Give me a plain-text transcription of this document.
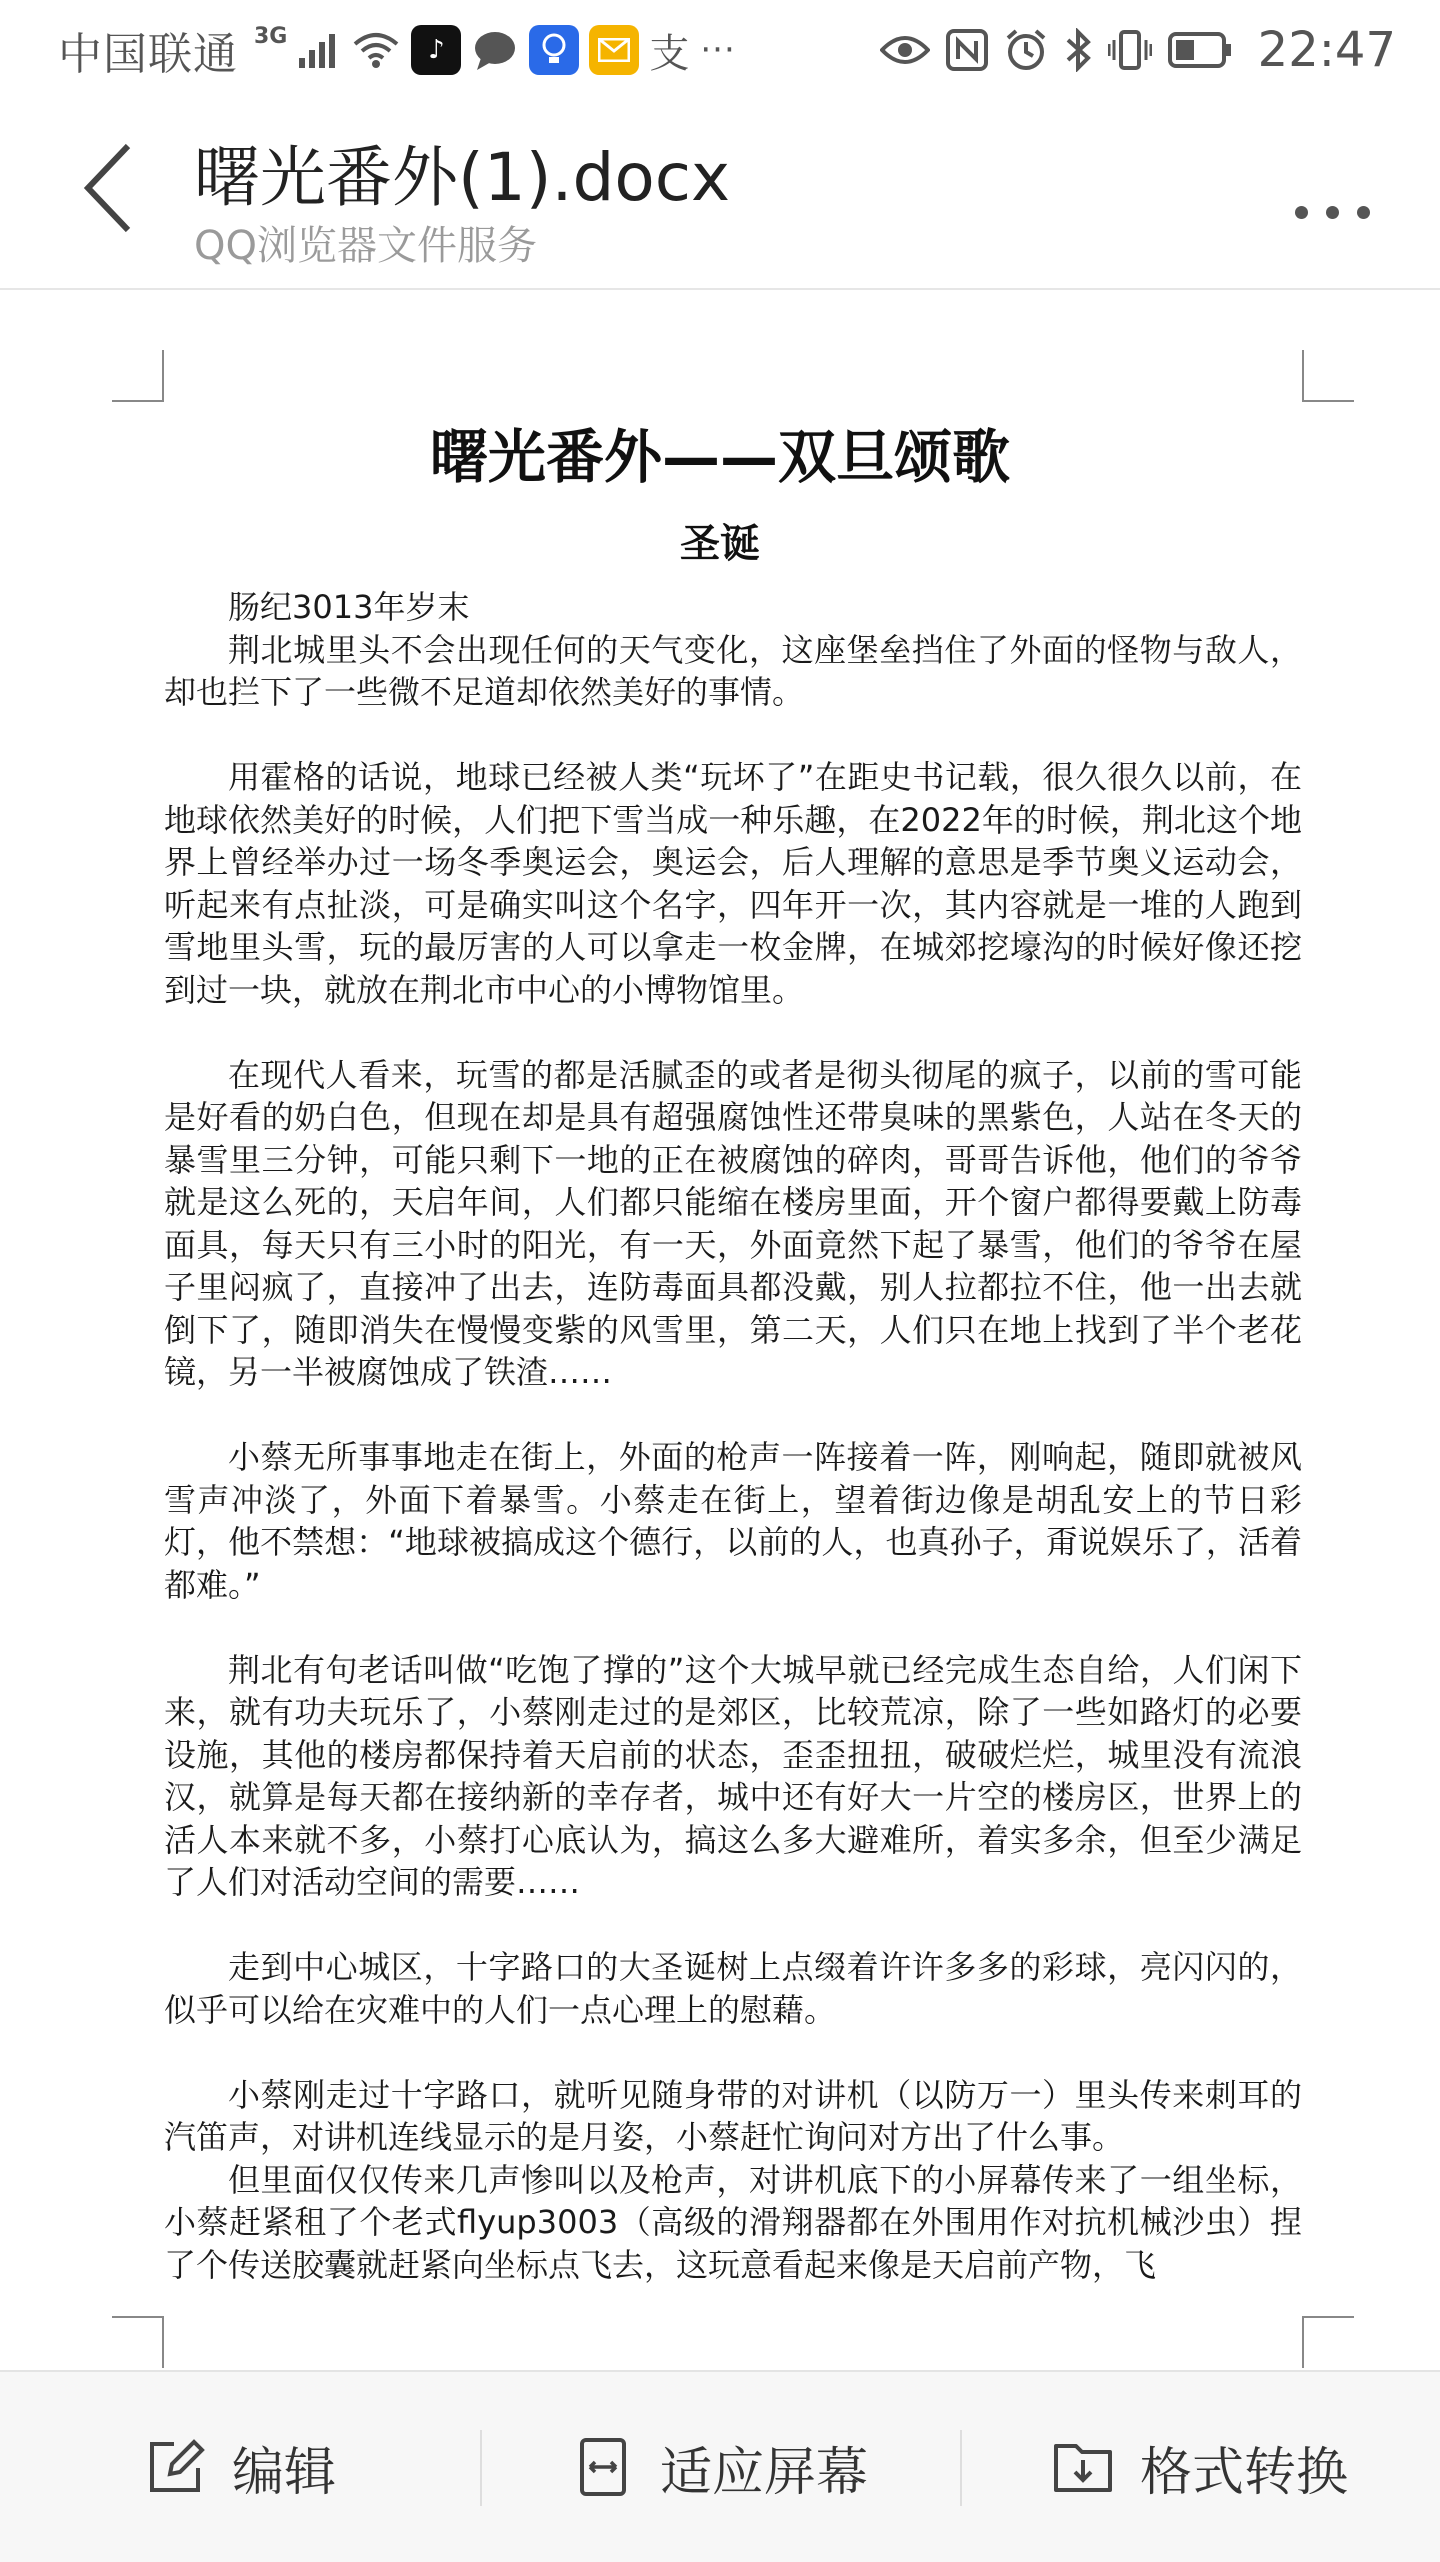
中国联通 3G	♪	支 ···	22:47
曙光番外(1).docx
QQ浏览器文件服务
曙光番外——双旦颂歌
圣诞

肠纪3013年岁末

荆北城里头不会出现任何的天气变化，这座堡垒挡住了外面的怪物与敌人，却也拦下了一些微不足道却依然美好的事情。

用霍格的话说，地球已经被人类“玩坏了”在距史书记载，很久很久以前，在地球依然美好的时候，人们把下雪当成一种乐趣，在2022年的时候，荆北这个地界上曾经举办过一场冬季奥运会，奥运会，后人理解的意思是季节奥义运动会，听起来有点扯淡，可是确实叫这个名字，四年开一次，其内容就是一堆的人跑到雪地里头雪，玩的最厉害的人可以拿走一枚金牌，在城郊挖壕沟的时候好像还挖到过一块，就放在荆北市中心的小博物馆里。

在现代人看来，玩雪的都是活腻歪的或者是彻头彻尾的疯子，以前的雪可能是好看的奶白色，但现在却是具有超强腐蚀性还带臭味的黑紫色，人站在冬天的暴雪里三分钟，可能只剩下一地的正在被腐蚀的碎肉，哥哥告诉他，他们的爷爷就是这么死的，天启年间，人们都只能缩在楼房里面，开个窗户都得要戴上防毒面具，每天只有三小时的阳光，有一天，外面竟然下起了暴雪，他们的爷爷在屋子里闷疯了，直接冲了出去，连防毒面具都没戴，别人拉都拉不住，他一出去就倒下了，随即消失在慢慢变紫的风雪里，第二天，人们只在地上找到了半个老花镜，另一半被腐蚀成了铁渣……

小蔡无所事事地走在街上，外面的枪声一阵接着一阵，刚响起，随即就被风雪声冲淡了，外面下着暴雪。小蔡走在街上，望着街边像是胡乱安上的节日彩灯，他不禁想：“地球被搞成这个德行，以前的人，也真孙子，甭说娱乐了，活着都难。”

荆北有句老话叫做“吃饱了撑的”这个大城早就已经完成生态自给，人们闲下来，就有功夫玩乐了，小蔡刚走过的是郊区，比较荒凉，除了一些如路灯的必要设施，其他的楼房都保持着天启前的状态，歪歪扭扭，破破烂烂，城里没有流浪汉，就算是每天都在接纳新的幸存者，城中还有好大一片空的楼房区，世界上的活人本来就不多，小蔡打心底认为，搞这么多大避难所，着实多余，但至少满足了人们对活动空间的需要……

走到中心城区，十字路口的大圣诞树上点缀着许许多多的彩球，亮闪闪的，似乎可以给在灾难中的人们一点心理上的慰藉。

小蔡刚走过十字路口，就听见随身带的对讲机（以防万一）里头传来刺耳的汽笛声，对讲机连线显示的是月姿，小蔡赶忙询问对方出了什么事。

但里面仅仅传来几声惨叫以及枪声，对讲机底下的小屏幕传来了一组坐标，小蔡赶紧租了个老式flyup3003（高级的滑翔器都在外围用作对抗机械沙虫）捏了个传送胶囊就赶紧向坐标点飞去，这玩意看起来像是天启前产物，飞

编辑	适应屏幕	格式转换
